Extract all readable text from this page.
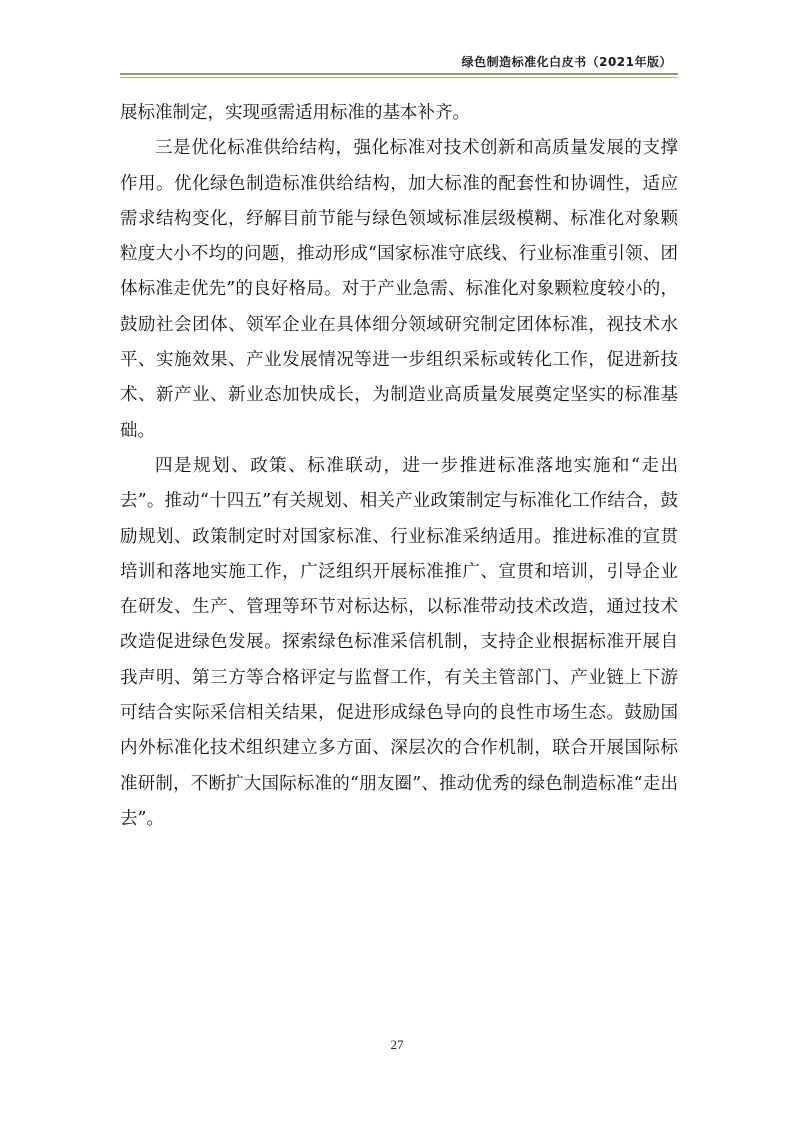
绿色制造标准化白皮书（2021年版）

展标准制定，实现亟需适用标准的基本补齐。

三是优化标准供给结构，强化标准对技术创新和高质量发展的支撑作用。优化绿色制造标准供给结构，加大标准的配套性和协调性，适应需求结构变化，纾解目前节能与绿色领域标准层级模糊、标准化对象颗粒度大小不均的问题，推动形成“国家标准守底线、行业标准重引领、团体标准走优先”的良好格局。对于产业急需、标准化对象颗粒度较小的，鼓励社会团体、领军企业在具体细分领域研究制定团体标准，视技术水平、实施效果、产业发展情况等进一步组织采标或转化工作，促进新技术、新产业、新业态加快成长，为制造业高质量发展奠定坚实的标准基础。

四是规划、政策、标准联动，进一步推进标准落地实施和“走出去”。推动“十四五”有关规划、相关产业政策制定与标准化工作结合，鼓励规划、政策制定时对国家标准、行业标准采纳适用。推进标准的宣贯培训和落地实施工作，广泛组织开展标准推广、宣贯和培训，引导企业在研发、生产、管理等环节对标达标，以标准带动技术改造，通过技术改造促进绿色发展。探索绿色标准采信机制，支持企业根据标准开展自我声明、第三方等合格评定与监督工作，有关主管部门、产业链上下游可结合实际采信相关结果，促进形成绿色导向的良性市场生态。鼓励国内外标准化技术组织建立多方面、深层次的合作机制，联合开展国际标准研制，不断扩大国际标准的“朋友圈”、推动优秀的绿色制造标准“走出去”。

27
